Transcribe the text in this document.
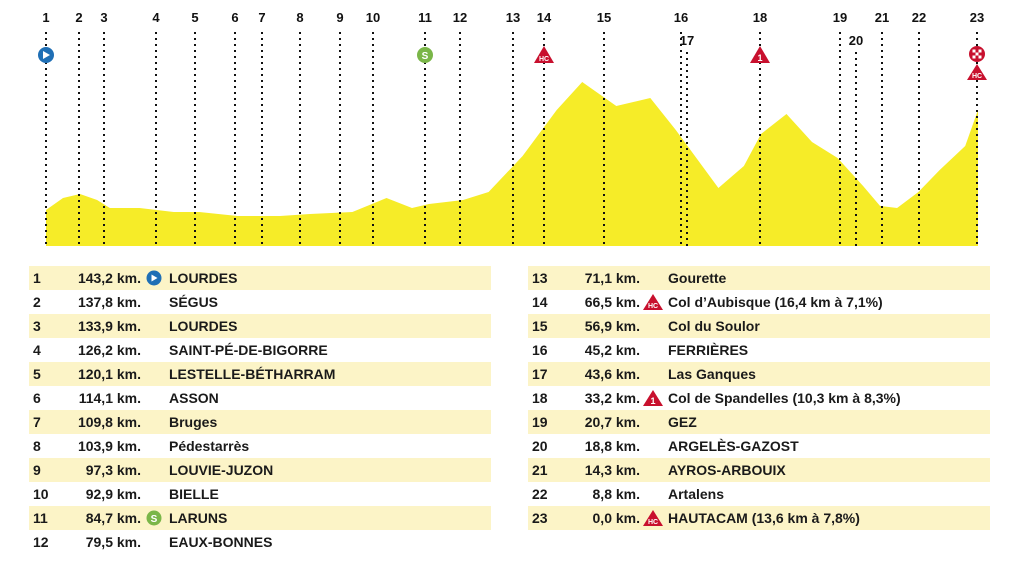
1 2 3	4 5	6 7 8	9 10	11 12	13 14	15	16
17
18	19
20
21 22	23
S	HC	1
HC
1	143,2 km. LOURDES
2	137,8 km. SÉGUS
3	133,9 km. LOURDES
4	126,2 km. SAINT-PÉ-DE-BIGORRE
5	120,1 km. LESTELLE-BÉTHARRAM
6	114,1 km. ASSON
7	109,8 km. Bruges
8	103,9 km. Pédestarrès
9	97,3 km. LOUVIE-JUZON
10	92,9 km. BIELLE
11	84,7 km. S LARUNS
12	79,5 km. EAUX-BONNES
13	71,1 km. Gourette
14	66,5 km. HC Col d’Aubisque (16,4 km à 7,1%)
15	56,9 km. Col du Soulor
16	45,2 km. FERRIÈRES
17	43,6 km. Las Ganques
18	33,2 km. 1 Col de Spandelles (10,3 km à 8,3%)
19	20,7 km. GEZ
20	18,8 km. ARGELÈS-GAZOST
21	14,3 km. AYROS-ARBOUIX
22	8,8 km. Artalens
23	0,0 km. HC HAUTACAM (13,6 km à 7,8%)
